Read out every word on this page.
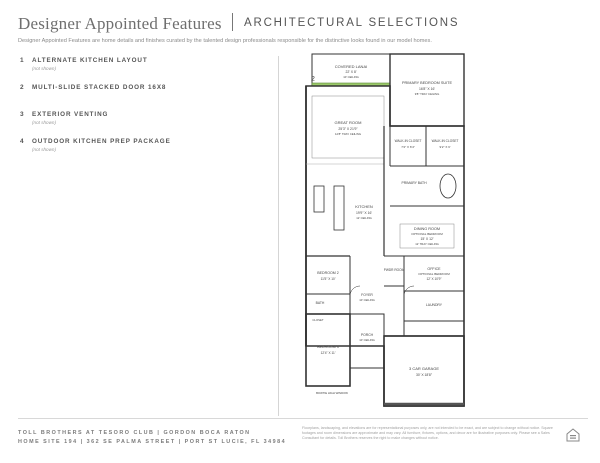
Designer Appointed Features ARCHITECTURAL SELECTIONS
Designer Appointed Features are home details and finishes curated by the talented design professionals responsible for the distinctive looks found in our model homes.
1 ALTERNATE KITCHEN LAYOUT
(not shown)
2 MULTI-SLIDE STACKED DOOR 16X8
3 EXTERIOR VENTING
(not shown)
4 OUTDOOR KITCHEN PREP PACKAGE
(not shown)
2
COVERED LANAI
22' X 8'
10' CEILING
PRIMARY BEDROOM SUITE
16'8" X 16'
9'8" TRAY CEILING
GREAT ROOM
25'3" X 21'9"
12'8" TRAY CEILING
WALK-IN CLOSET
7'4" X 6'4"
WALK-IN CLOSET
9'2" X 6'
KITCHEN
19'9" X 16'
12' CEILING
PRIMARY BATH
DINING ROOM
OPTIONAL BEDROOM
15' X 12'
12' TRAY CEILING
BEDROOM 2
11'5" X 10'
PWDR ROOM	OFFICE
OPTIONAL BEDROOM
12' X 10'9"
FOYER
10' CEILING
LAUNDRY
BATH
CLOSET
PORCH
10' CEILING
BEDROOM 3
12'4" X 11'
3 CAR GARAGE
30' X 18'8"
BOWTIE HIGH WINDOW
TOLL BROTHERS AT TESORO CLUB | GORDON BOCA RATON
HOME SITE 194 | 362 SE PALMA STREET | PORT ST LUCIE, FL 34984
Floorplans, landscaping, and elevations are for representational purposes only, are not intended to be exact, and are subject to change without notice. Square footages and room dimensions are approximate and may vary. All furniture, fixtures, options, and decor are for illustrative purposes only. Please see a Sales Consultant for details. Toll Brothers reserves the right to make changes without notice.
